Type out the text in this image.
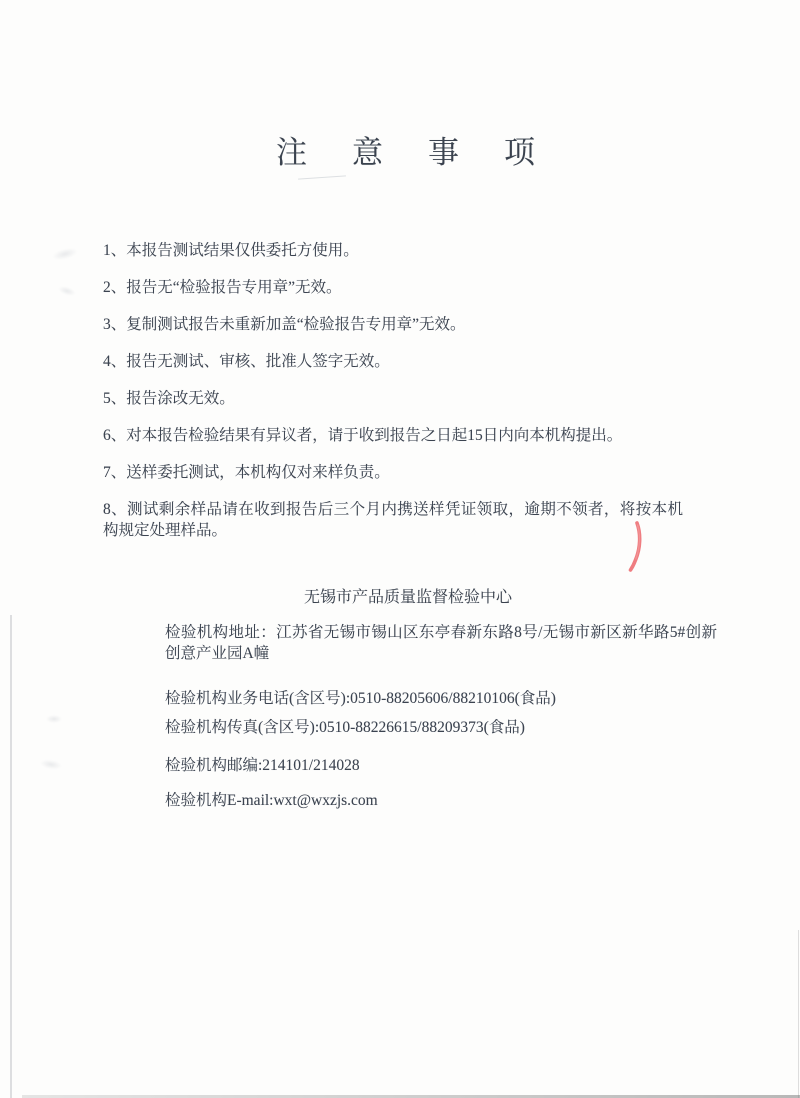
注意事项
1、本报告测试结果仅供委托方使用。
2、报告无“检验报告专用章”无效。
3、复制测试报告未重新加盖“检验报告专用章”无效。
4、报告无测试、审核、批准人签字无效。
5、报告涂改无效。
6、对本报告检验结果有异议者，请于收到报告之日起15日内向本机构提出。
7、送样委托测试，本机构仅对来样负责。
8、测试剩余样品请在收到报告后三个月内携送样凭证领取，逾期不领者，将按本机构规定处理样品。
无锡市产品质量监督检验中心
检验机构地址：江苏省无锡市锡山区东亭春新东路8号/无锡市新区新华路5#创新创意产业园A幢
检验机构业务电话(含区号):0510-88205606/88210106(食品)
检验机构传真(含区号):0510-88226615/88209373(食品)
检验机构邮编:214101/214028
检验机构E-mail:wxt@wxzjs.com
